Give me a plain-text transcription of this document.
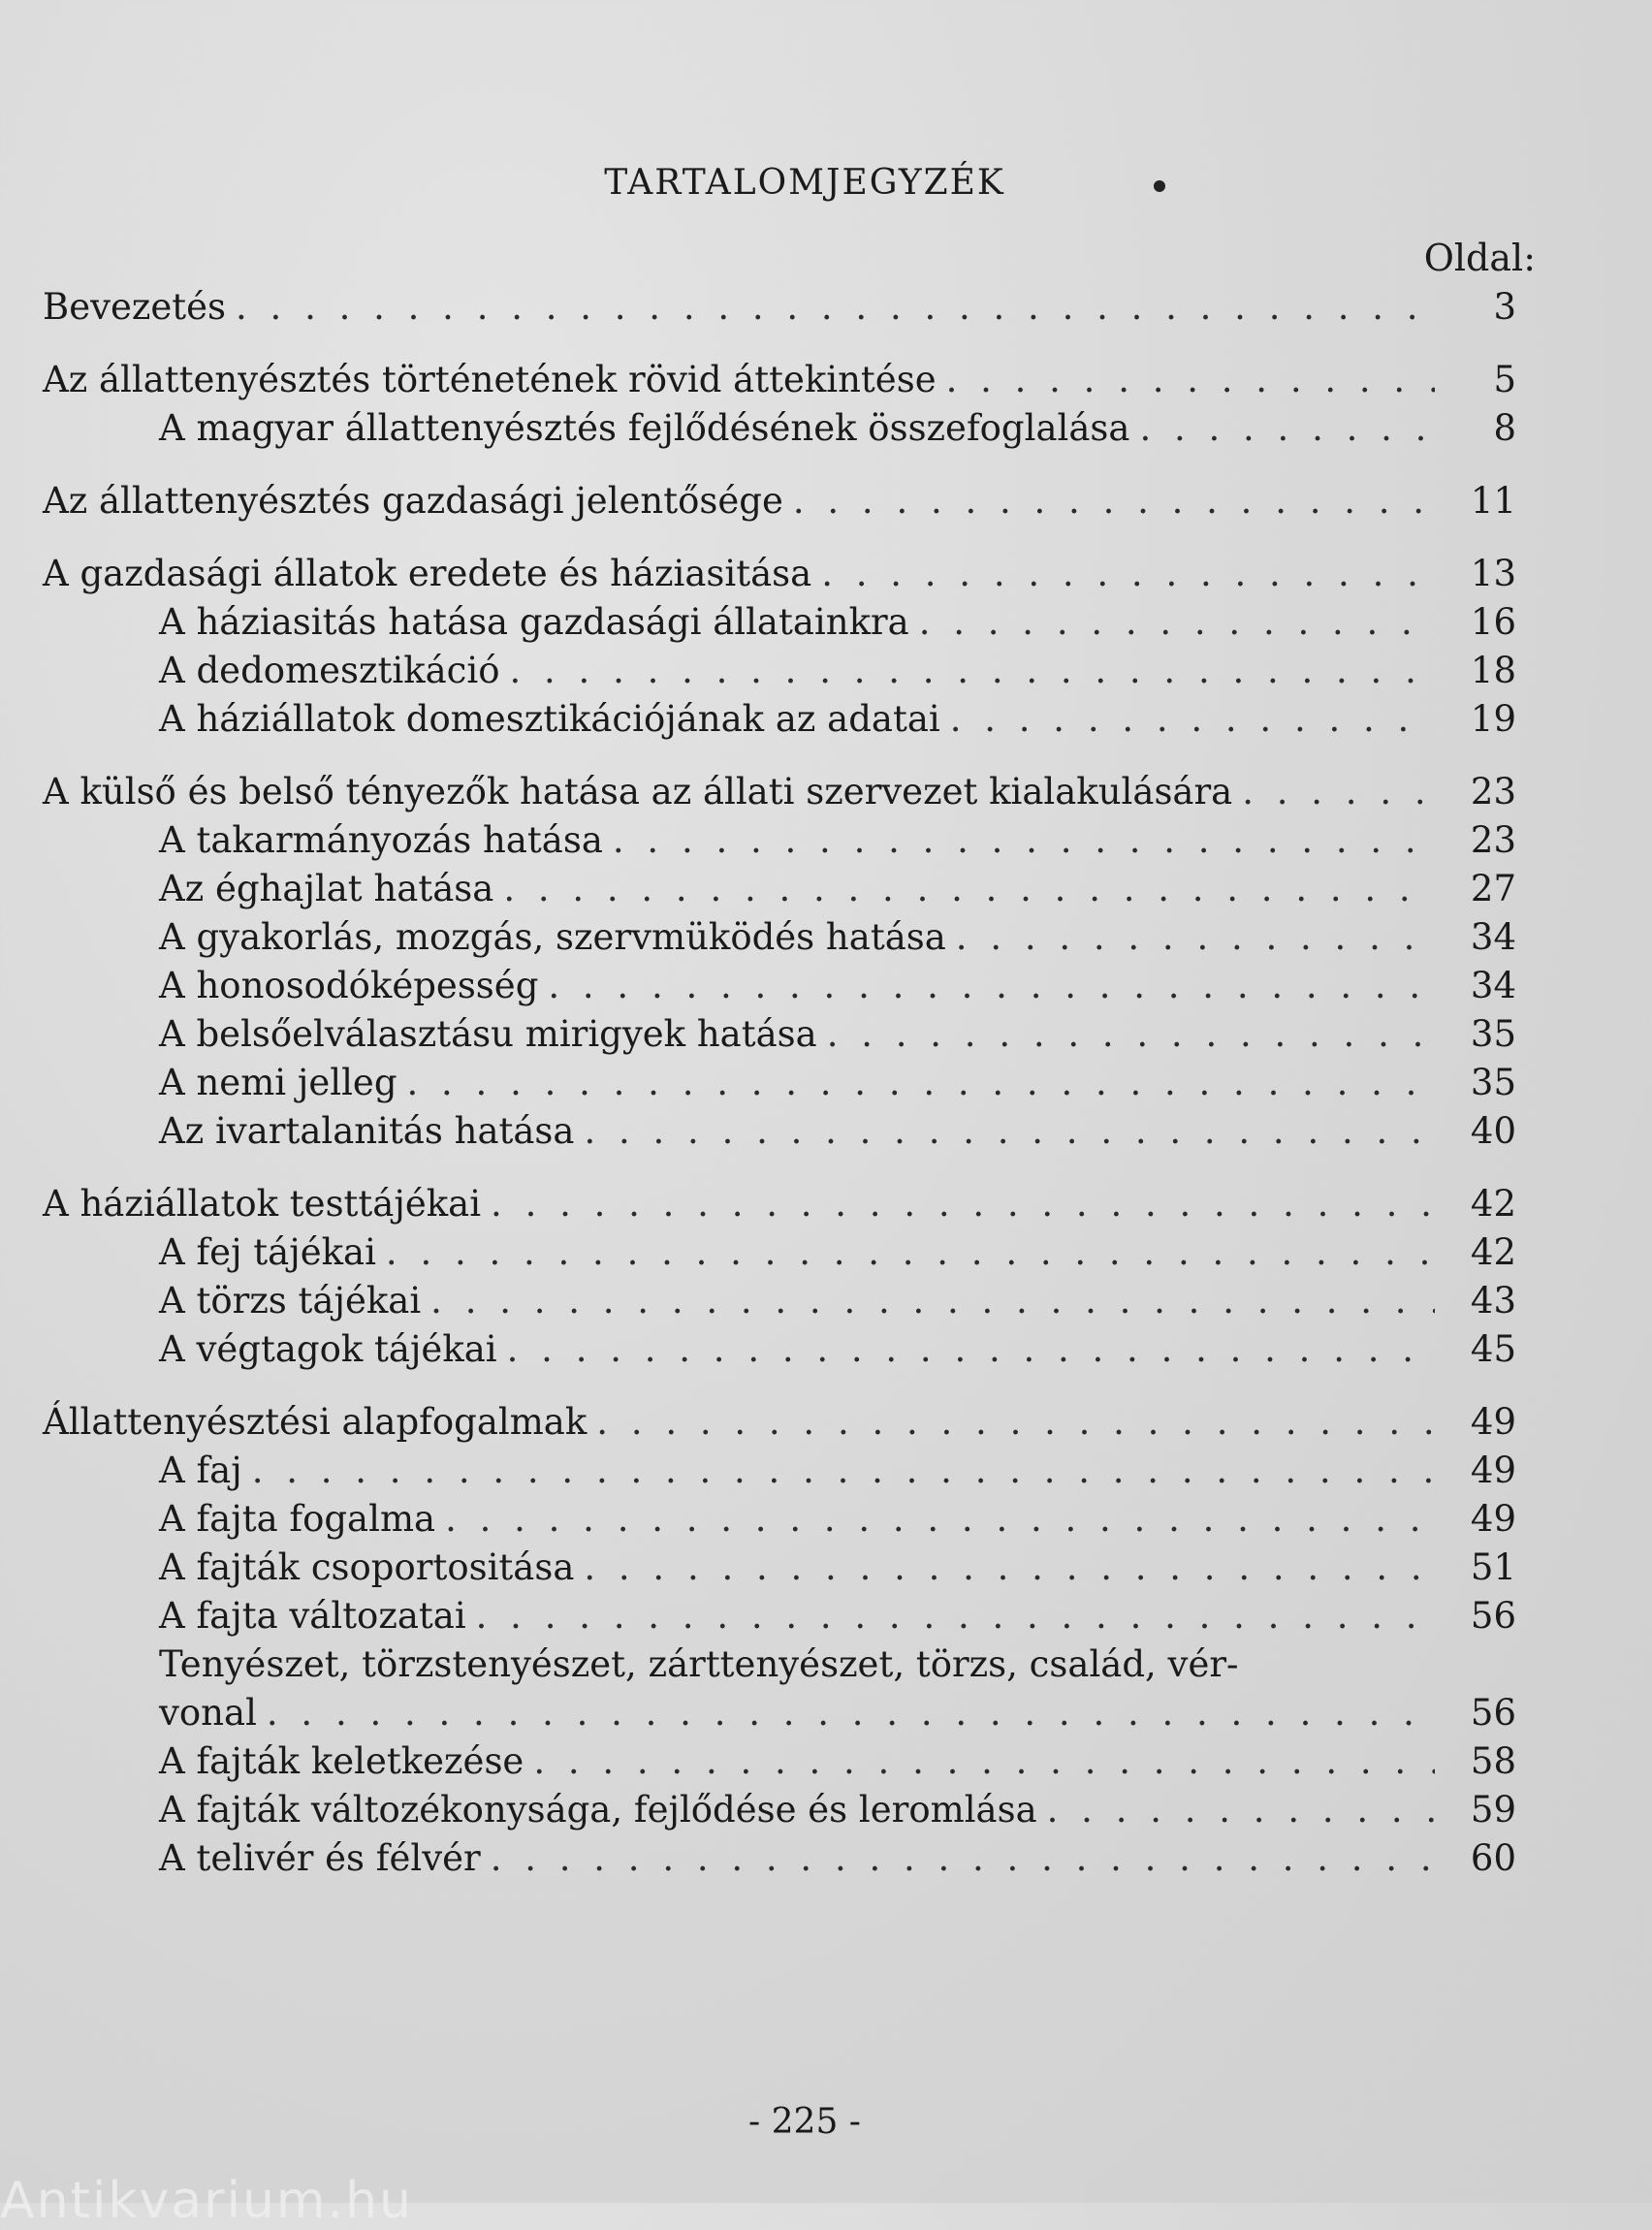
TARTALOMJEGYZÉK
Oldal:
Bevezetés . . .	3
Az állattenyésztés történetének rövid áttekintése . . .	5
A magyar állattenyésztés fejlődésének összefoglalása . . .	8
Az állattenyésztés gazdasági jelentősége . . .	11
A gazdasági állatok eredete és háziasitása . . .	13
A háziasitás hatása gazdasági állatainkra . . .	16
A dedomesztikáció . . .	18
A háziállatok domesztikációjának az adatai . . .	19
A külső és belső tényezők hatása az állati szervezet kialakulására . . .	23
A takarmányozás hatása . . .	23
Az éghajlat hatása . . .	27
A gyakorlás, mozgás, szervmüködés hatása . . .	34
A honosodóképesség . . .	34
A belsőelválasztásu mirigyek hatása . . .	35
A nemi jelleg . . .	35
Az ivartalanitás hatása . . .	40
A háziállatok testtájékai . . .	42
A fej tájékai . . .	42
A törzs tájékai . . .	43
A végtagok tájékai . . .	45
Állattenyésztési alapfogalmak . . .	49
A faj . . .	49
A fajta fogalma . . .	49
A fajták csoportositása . . .	51
A fajta változatai . . .	56
Tenyészet, törzstenyészet, zárttenyészet, törzs, család, vér-
vonal . . .	56
A fajták keletkezése . . .	58
A fajták változékonysága, fejlődése és leromlása . . .	59
A telivér és félvér . . .	60
- 225 -
Antikvarium.hu
